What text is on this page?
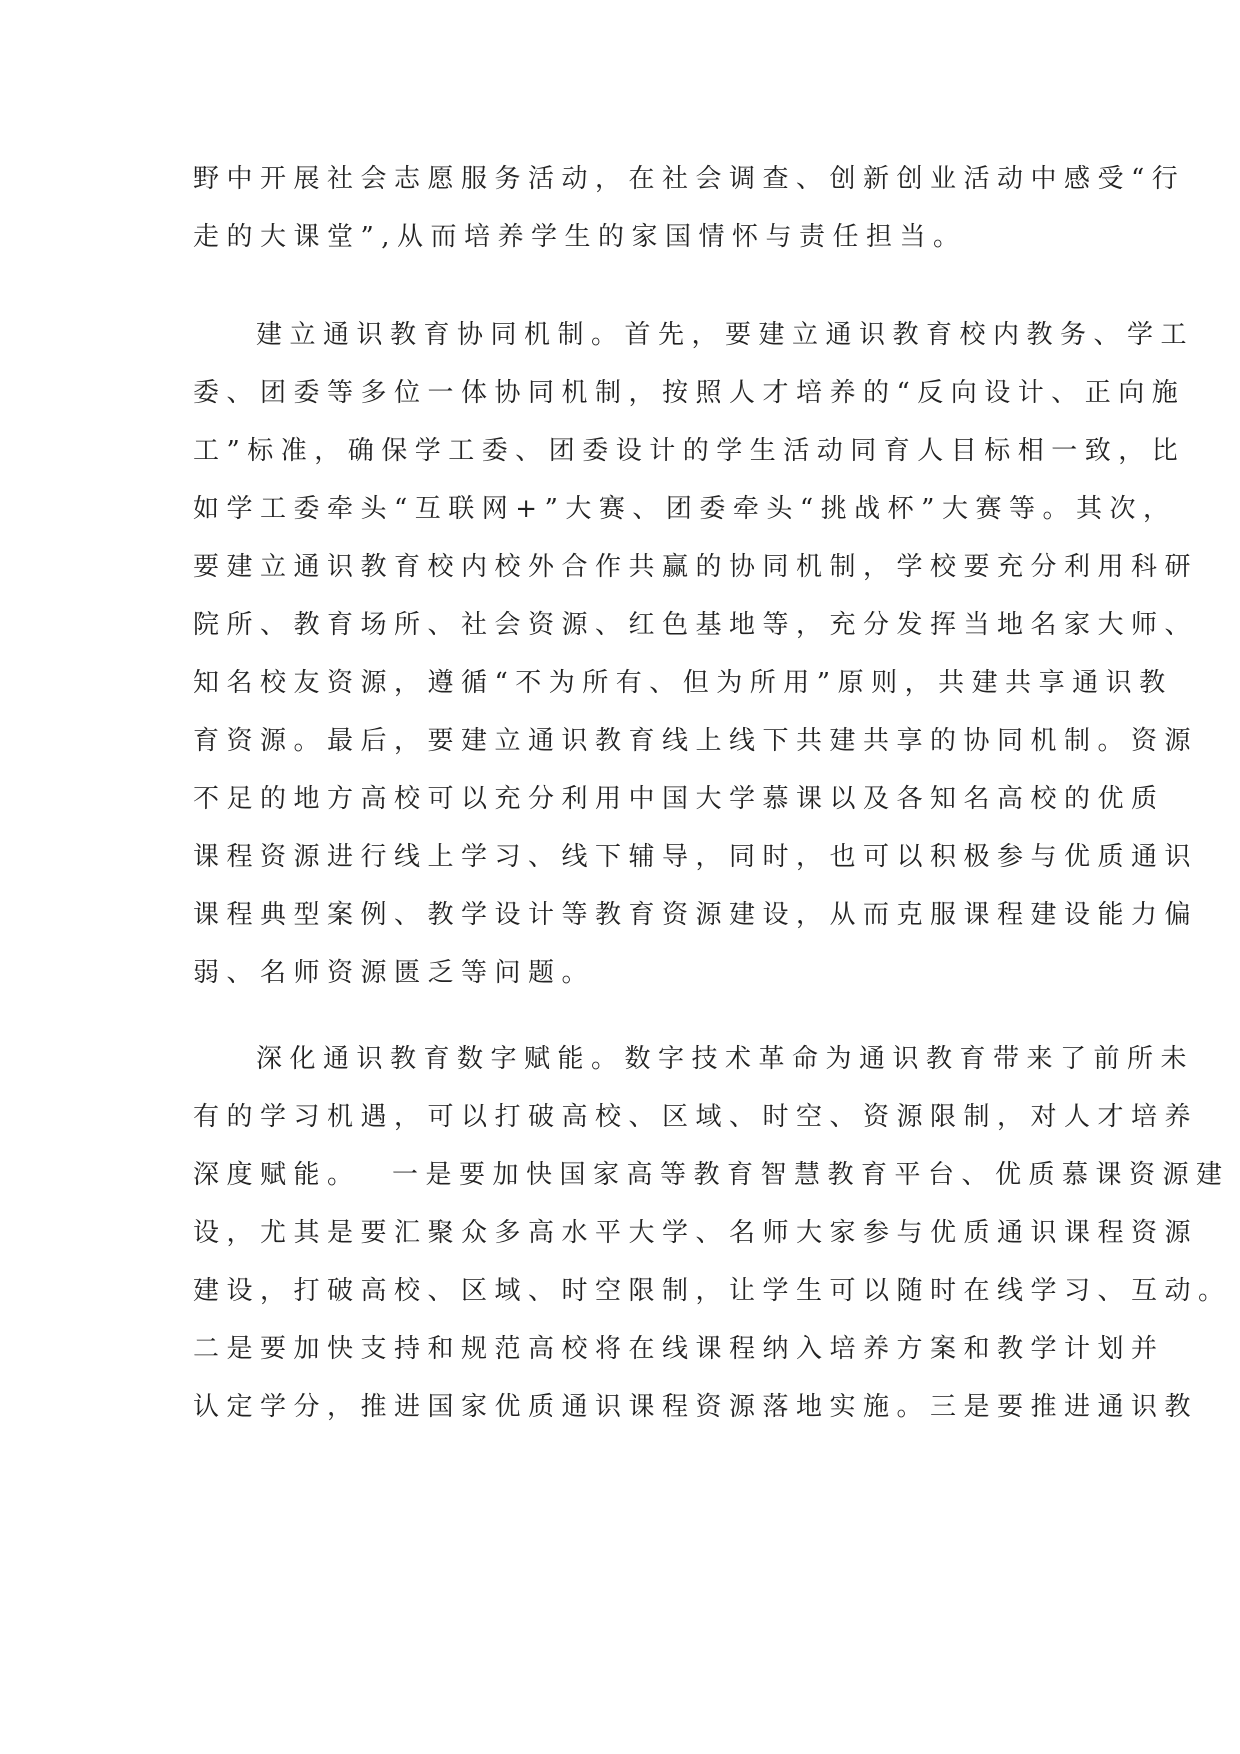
野中开展社会志愿服务活动，在社会调查、创新创业活动中感受“行

走的大课堂”,从而培养学生的家国情怀与责任担当。

建立通识教育协同机制。首先，要建立通识教育校内教务、学工

委、团委等多位一体协同机制，按照人才培养的“反向设计、正向施

工”标准，确保学工委、团委设计的学生活动同育人目标相一致，比

如学工委牵头“互联网+”大赛、团委牵头“挑战杯”大赛等。其次，

要建立通识教育校内校外合作共赢的协同机制，学校要充分利用科研

院所、教育场所、社会资源、红色基地等，充分发挥当地名家大师、

知名校友资源，遵循“不为所有、但为所用”原则，共建共享通识教

育资源。最后，要建立通识教育线上线下共建共享的协同机制。资源

不足的地方高校可以充分利用中国大学慕课以及各知名高校的优质

课程资源进行线上学习、线下辅导，同时，也可以积极参与优质通识

课程典型案例、教学设计等教育资源建设，从而克服课程建设能力偏

弱、名师资源匮乏等问题。

深化通识教育数字赋能。数字技术革命为通识教育带来了前所未

有的学习机遇，可以打破高校、区域、时空、资源限制，对人才培养

深度赋能。  一是要加快国家高等教育智慧教育平台、优质慕课资源建

设，尤其是要汇聚众多高水平大学、名师大家参与优质通识课程资源

建设，打破高校、区域、时空限制，让学生可以随时在线学习、互动。

二是要加快支持和规范高校将在线课程纳入培养方案和教学计划并

认定学分，推进国家优质通识课程资源落地实施。三是要推进通识教
